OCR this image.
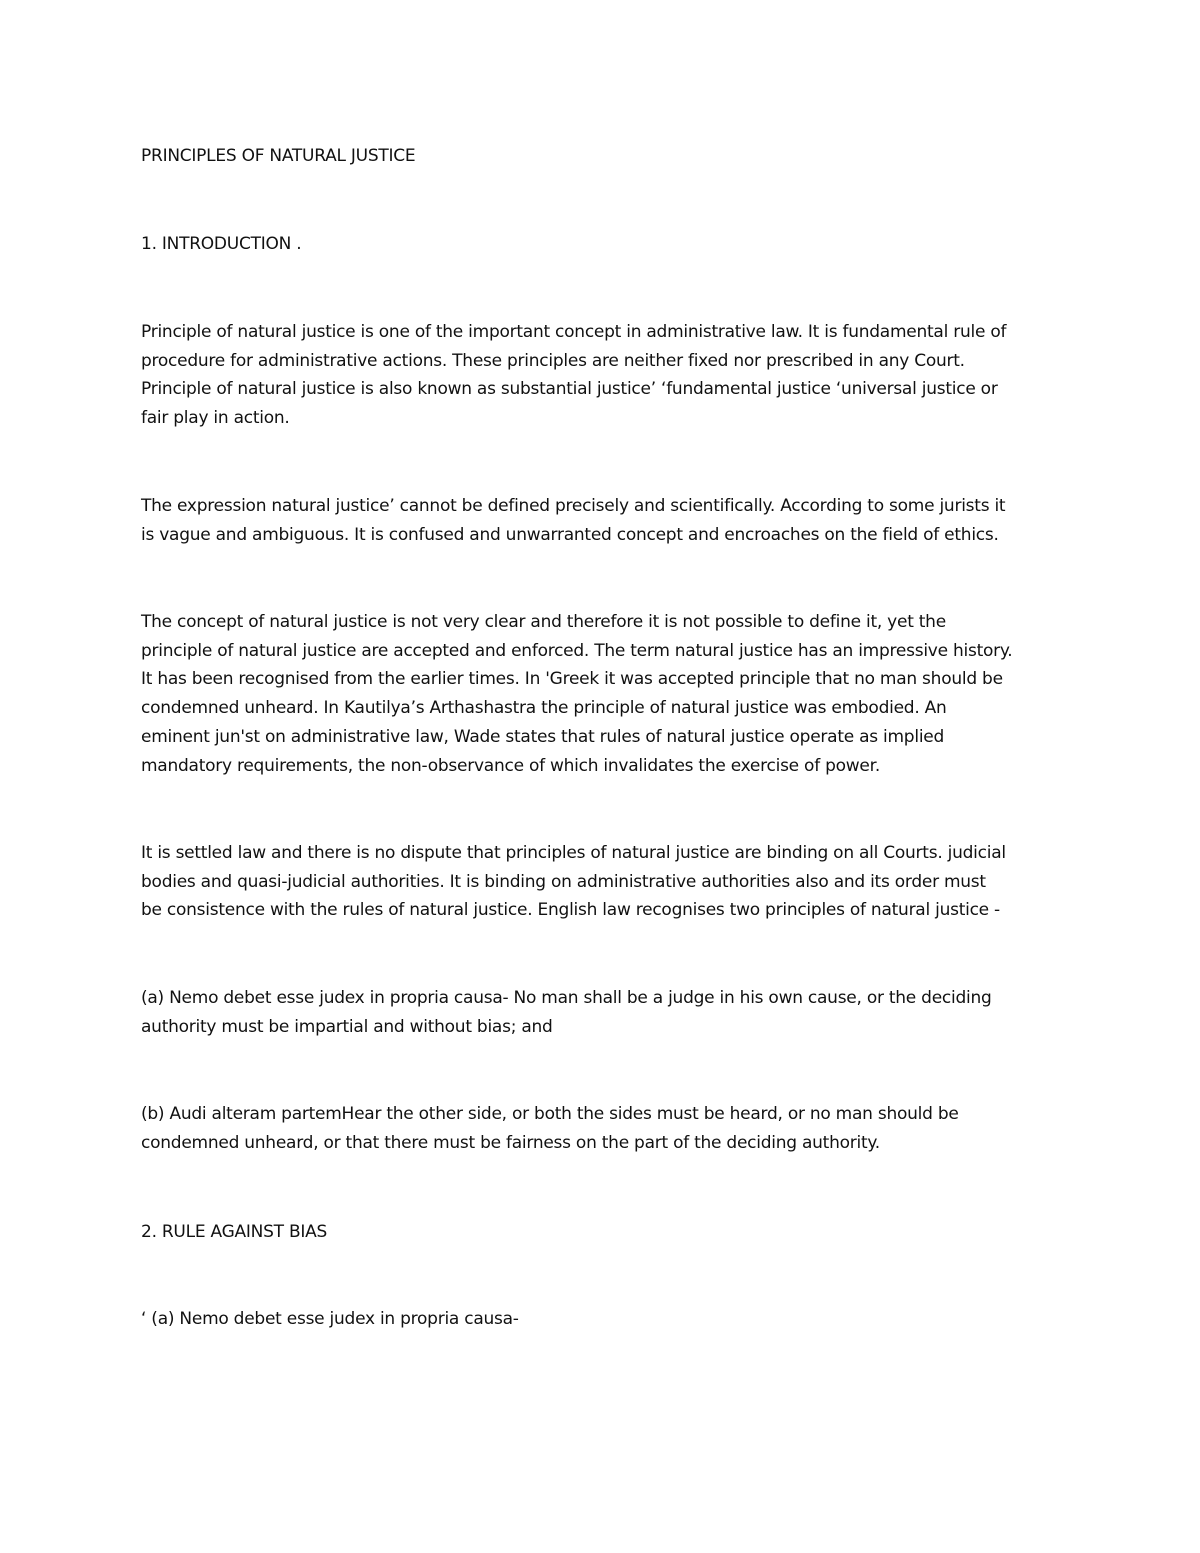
PRINCIPLES OF NATURAL JUSTICE

1. INTRODUCTION .

Principle of natural justice is one of the important concept in administrative law. It is fundamental rule of
procedure for administrative actions. These principles are neither fixed nor prescribed in any Court.
Principle of natural justice is also known as substantial justice’ ‘fundamental justice ‘universal justice or
fair play in action.
The expression natural justice’ cannot be defined precisely and scientifically. According to some jurists it
is vague and ambiguous. It is confused and unwarranted concept and encroaches on the field of ethics.
The concept of natural justice is not very clear and therefore it is not possible to define it, yet the
principle of natural justice are accepted and enforced. The term natural justice has an impressive history.
It has been recognised from the earlier times. In 'Greek it was accepted principle that no man should be
condemned unheard. In Kautilya’s Arthashastra the principle of natural justice was embodied. An
eminent jun'st on administrative law, Wade states that rules of natural justice operate as implied
mandatory requirements, the non-observance of which invalidates the exercise of power.
It is settled law and there is no dispute that principles of natural justice are binding on all Courts. judicial
bodies and quasi-judicial authorities. It is binding on administrative authorities also and its order must
be consistence with the rules of natural justice. English law recognises two principles of natural justice -
(a) Nemo debet esse judex in propria causa- No man shall be a judge in his own cause, or the deciding
authority must be impartial and without bias; and
(b) Audi alteram partemHear the other side, or both the sides must be heard, or no man should be
condemned unheard, or that there must be fairness on the part of the deciding authority.

2. RULE AGAINST BIAS

‘ (a) Nemo debet esse judex in propria causa-
